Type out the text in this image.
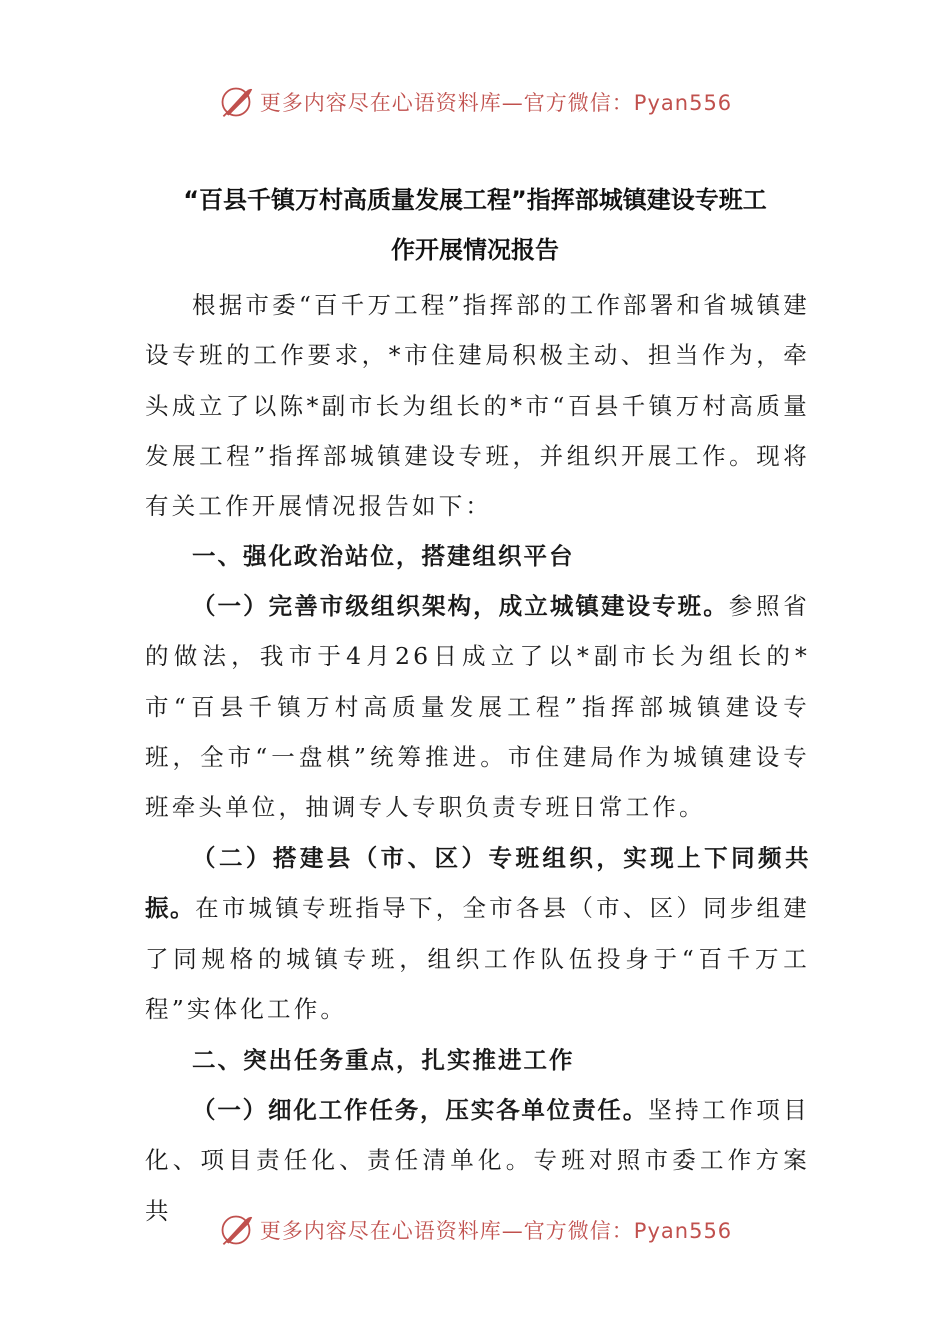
更多内容尽在心语资料库—官方微信：Pyan556
“百县千镇万村高质量发展工程”指挥部城镇建设专班工
作开展情况报告

根据市委“百千万工程”指挥部的工作部署和省城镇建设专班的工作要求，*市住建局积极主动、担当作为，牵头成立了以陈*副市长为组长的*市“百县千镇万村高质量发展工程”指挥部城镇建设专班，并组织开展工作。现将有关工作开展情况报告如下：

一、强化政治站位，搭建组织平台

（一）完善市级组织架构，成立城镇建设专班。参照省的做法，我市于4月26日成立了以*副市长为组长的*市“百县千镇万村高质量发展工程”指挥部城镇建设专班，全市“一盘棋”统筹推进。市住建局作为城镇建设专班牵头单位，抽调专人专职负责专班日常工作。

（二）搭建县（市、区）专班组织，实现上下同频共振。在市城镇专班指导下，全市各县（市、区）同步组建了同规格的城镇专班，组织工作队伍投身于“百千万工程”实体化工作。

二、突出任务重点，扎实推进工作

（一）细化工作任务，压实各单位责任。坚持工作项目化、项目责任化、责任清单化。专班对照市委工作方案共

更多内容尽在心语资料库—官方微信：Pyan556
